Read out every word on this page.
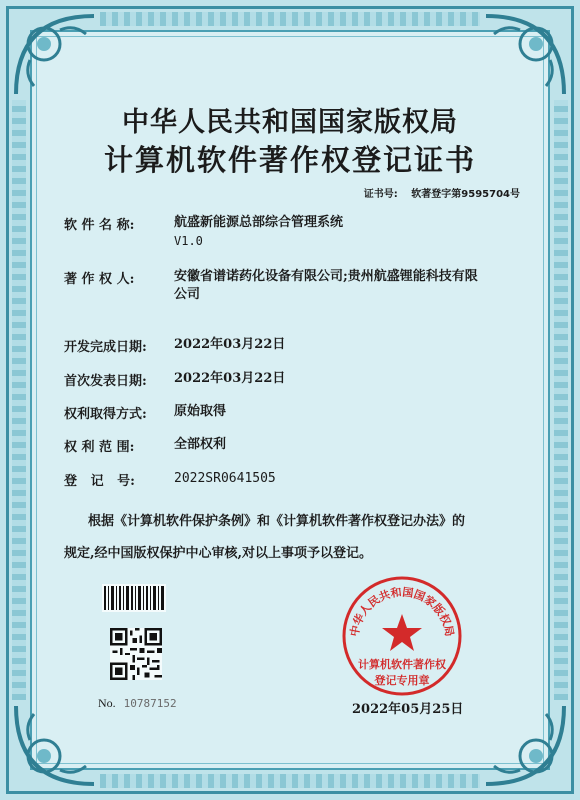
中华人民共和国国家版权局
计算机软件著作权登记证书
证书号: 软著登字第9595704号
软 件 名 称:	航盛新能源总部综合管理系统
V1.0
著 作 权 人:	安徽省谱诺药化设备有限公司;贵州航盛锂能科技有限
公司
开发完成日期: 2022年03月22日
首次发表日期: 2022年03月22日
权利取得方式: 原始取得
权 利 范 围:	全部权利
登   记   号:	2022SR0641505
根据《计算机软件保护条例》和《计算机软件著作权登记办法》的
规定,经中国版权保护中心审核,对以上事项予以登记。
No. 10787152
中华人民共和国国家版权局
计算机软件著作权
登记专用章
2022年05月25日
